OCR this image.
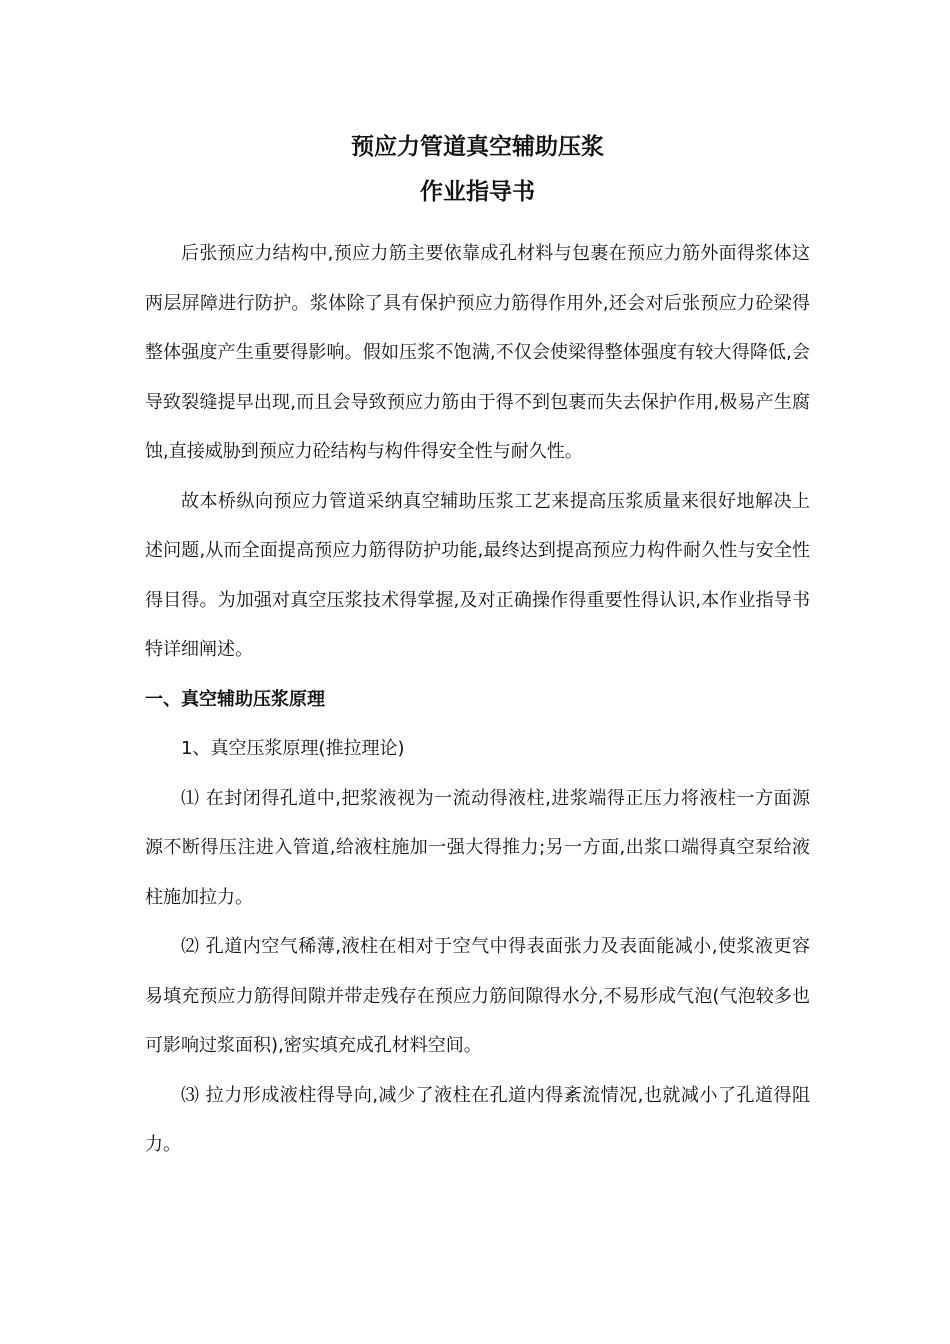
预应力管道真空辅助压浆
作业指导书

后张预应力结构中,预应力筋主要依靠成孔材料与包裹在预应力筋外面得浆体这两层屏障进行防护。浆体除了具有保护预应力筋得作用外,还会对后张预应力砼梁得整体强度产生重要得影响。假如压浆不饱满,不仅会使梁得整体强度有较大得降低,会导致裂缝提早出现,而且会导致预应力筋由于得不到包裹而失去保护作用,极易产生腐蚀,直接威胁到预应力砼结构与构件得安全性与耐久性。

故本桥纵向预应力管道采纳真空辅助压浆工艺来提高压浆质量来很好地解决上述问题,从而全面提高预应力筋得防护功能,最终达到提高预应力构件耐久性与安全性得目得。为加强对真空压浆技术得掌握,及对正确操作得重要性得认识,本作业指导书特详细阐述。

一、真空辅助压浆原理

1、真空压浆原理(推拉理论)

⑴ 在封闭得孔道中,把浆液视为一流动得液柱,进浆端得正压力将液柱一方面源源不断得压注进入管道,给液柱施加一强大得推力;另一方面,出浆口端得真空泵给液柱施加拉力。

⑵ 孔道内空气稀薄,液柱在相对于空气中得表面张力及表面能减小,使浆液更容易填充预应力筋得间隙并带走残存在预应力筋间隙得水分,不易形成气泡(气泡较多也可影响过浆面积),密实填充成孔材料空间。

⑶ 拉力形成液柱得导向,减少了液柱在孔道内得紊流情况,也就减小了孔道得阻力。
